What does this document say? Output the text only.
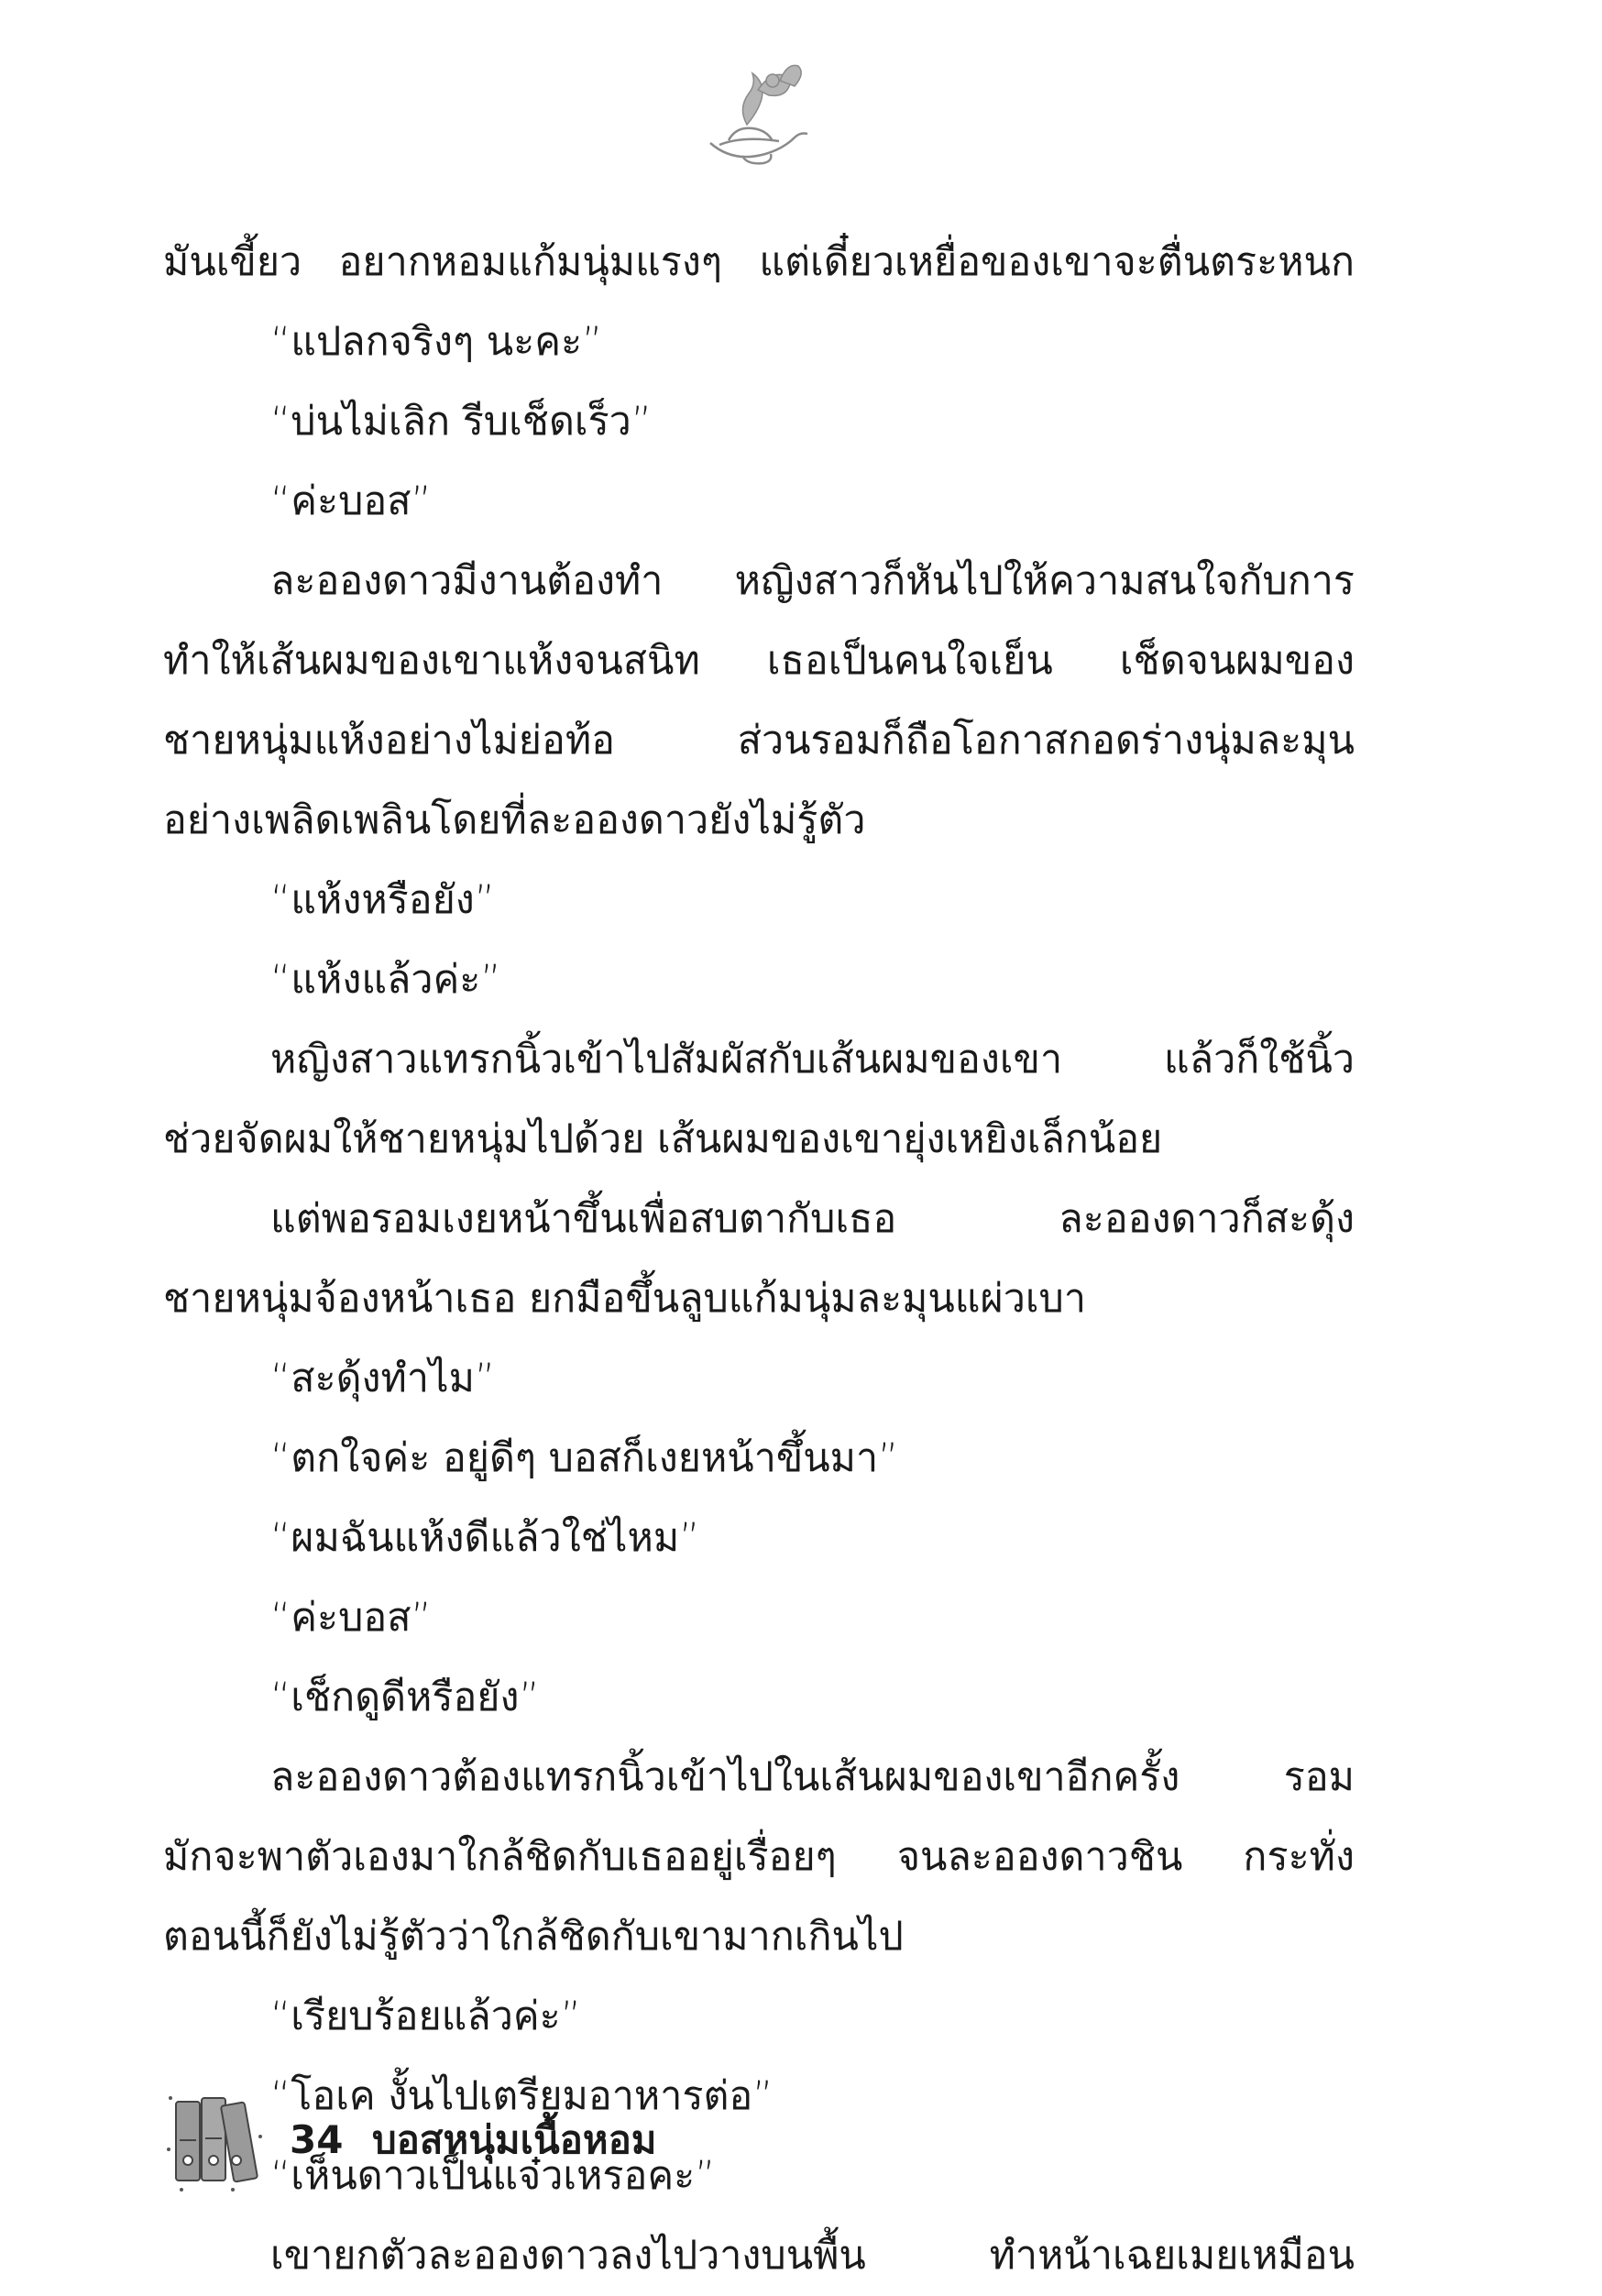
มันเขี้ยว อยากหอมแก้มนุ่มแรงๆ แต่เดี๋ยวเหยื่อของเขาจะตื่นตระหนก
“แปลกจริงๆ นะคะ”
“บ่นไม่เลิก รีบเช็ดเร็ว”
“ค่ะบอส”
ละอองดาวมีงานต้องทำ หญิงสาวก็หันไปให้ความสนใจกับการ
ทำให้เส้นผมของเขาแห้งจนสนิท เธอเป็นคนใจเย็น เช็ดจนผมของ
ชายหนุ่มแห้งอย่างไม่ย่อท้อ ส่วนรอมก็ถือโอกาสกอดร่างนุ่มละมุน
อย่างเพลิดเพลินโดยที่ละอองดาวยังไม่รู้ตัว
“แห้งหรือยัง”
“แห้งแล้วค่ะ”
หญิงสาวแทรกนิ้วเข้าไปสัมผัสกับเส้นผมของเขา แล้วก็ใช้นิ้ว
ช่วยจัดผมให้ชายหนุ่มไปด้วย เส้นผมของเขายุ่งเหยิงเล็กน้อย
แต่พอรอมเงยหน้าขึ้นเพื่อสบตากับเธอ ละอองดาวก็สะดุ้ง
ชายหนุ่มจ้องหน้าเธอ ยกมือขึ้นลูบแก้มนุ่มละมุนแผ่วเบา
“สะดุ้งทำไม”
“ตกใจค่ะ อยู่ดีๆ บอสก็เงยหน้าขึ้นมา”
“ผมฉันแห้งดีแล้วใช่ไหม”
“ค่ะบอส”
“เช็กดูดีหรือยัง”
ละอองดาวต้องแทรกนิ้วเข้าไปในเส้นผมของเขาอีกครั้ง รอม
มักจะพาตัวเองมาใกล้ชิดกับเธออยู่เรื่อยๆ จนละอองดาวชิน กระทั่ง
ตอนนี้ก็ยังไม่รู้ตัวว่าใกล้ชิดกับเขามากเกินไป
“เรียบร้อยแล้วค่ะ”
“โอเค งั้นไปเตรียมอาหารต่อ”
“เห็นดาวเป็นแจ๋วเหรอคะ”
เขายกตัวละอองดาวลงไปวางบนพื้น ทำหน้าเฉยเมยเหมือน
34 บอสหนุ่มเนื้อหอม
